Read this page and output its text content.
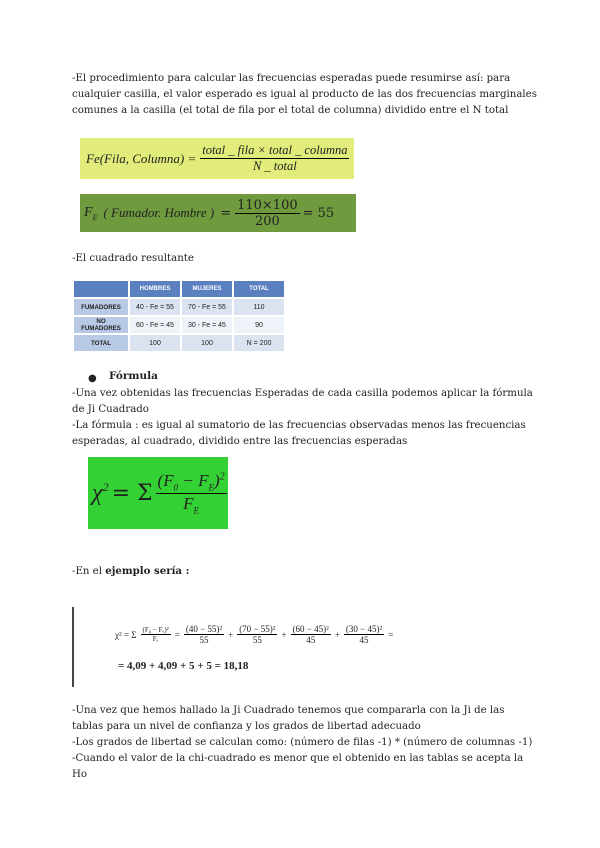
-El procedimiento para calcular las frecuencias esperadas puede resumirse así: para cualquier casilla, el valor esperado es igual al producto de las dos frecuencias marginales comunes a la casilla (el total de fila por el total de columna) dividido entre el N total

Fe(Fila, Columna) = $\frac{\text{total \_ fila × total \_ columna}}{\text{N \_ total}}$
$F_E$ ( Fumador. Hombre ) = $\frac{110\times 100}{200} = 55$

-El cuadrado resultante

	HOMBRES	MUJERES	TOTAL
FUMADORES	40 - Fe = 55	70 - Fe = 55	110
NO FUMADORES	60 - Fe = 45	30 - Fe = 45	90
TOTAL	100	100	N = 200
● Fórmula

-Una vez obtenidas las frecuencias Esperadas de cada casilla podemos aplicar la fórmula de Ji Cuadrado

-La fórmula : es igual al sumatorio de las frecuencias observadas menos las frecuencias esperadas, al cuadrado, dividido entre las frecuencias esperadas

$\chi^2 = \Sigma \frac{(F_0 - F_E)^2}{F_E}$

-En el ejemplo sería :

χ² = Σ $\frac{\text{(F₀ − Fₑ)²}}{\text{Fₑ}} = \frac{\text{(40 − 55)²}}{55} + \frac{\text{(70 − 55)²}}{55} + \frac{\text{(60 − 45)²}}{45} + \frac{\text{(30 − 45)²}}{45}$ =
= 4,09 + 4,09 + 5 + 5 = 18,18

-Una vez que hemos hallado la Ji Cuadrado tenemos que compararla con la Ji de las tablas para un nivel de confianza y los grados de libertad adecuado

-Los grados de libertad se calculan como: (número de filas -1) * (número de columnas -1)

-Cuando el valor de la chi-cuadrado es menor que el obtenido en las tablas se acepta la Ho
